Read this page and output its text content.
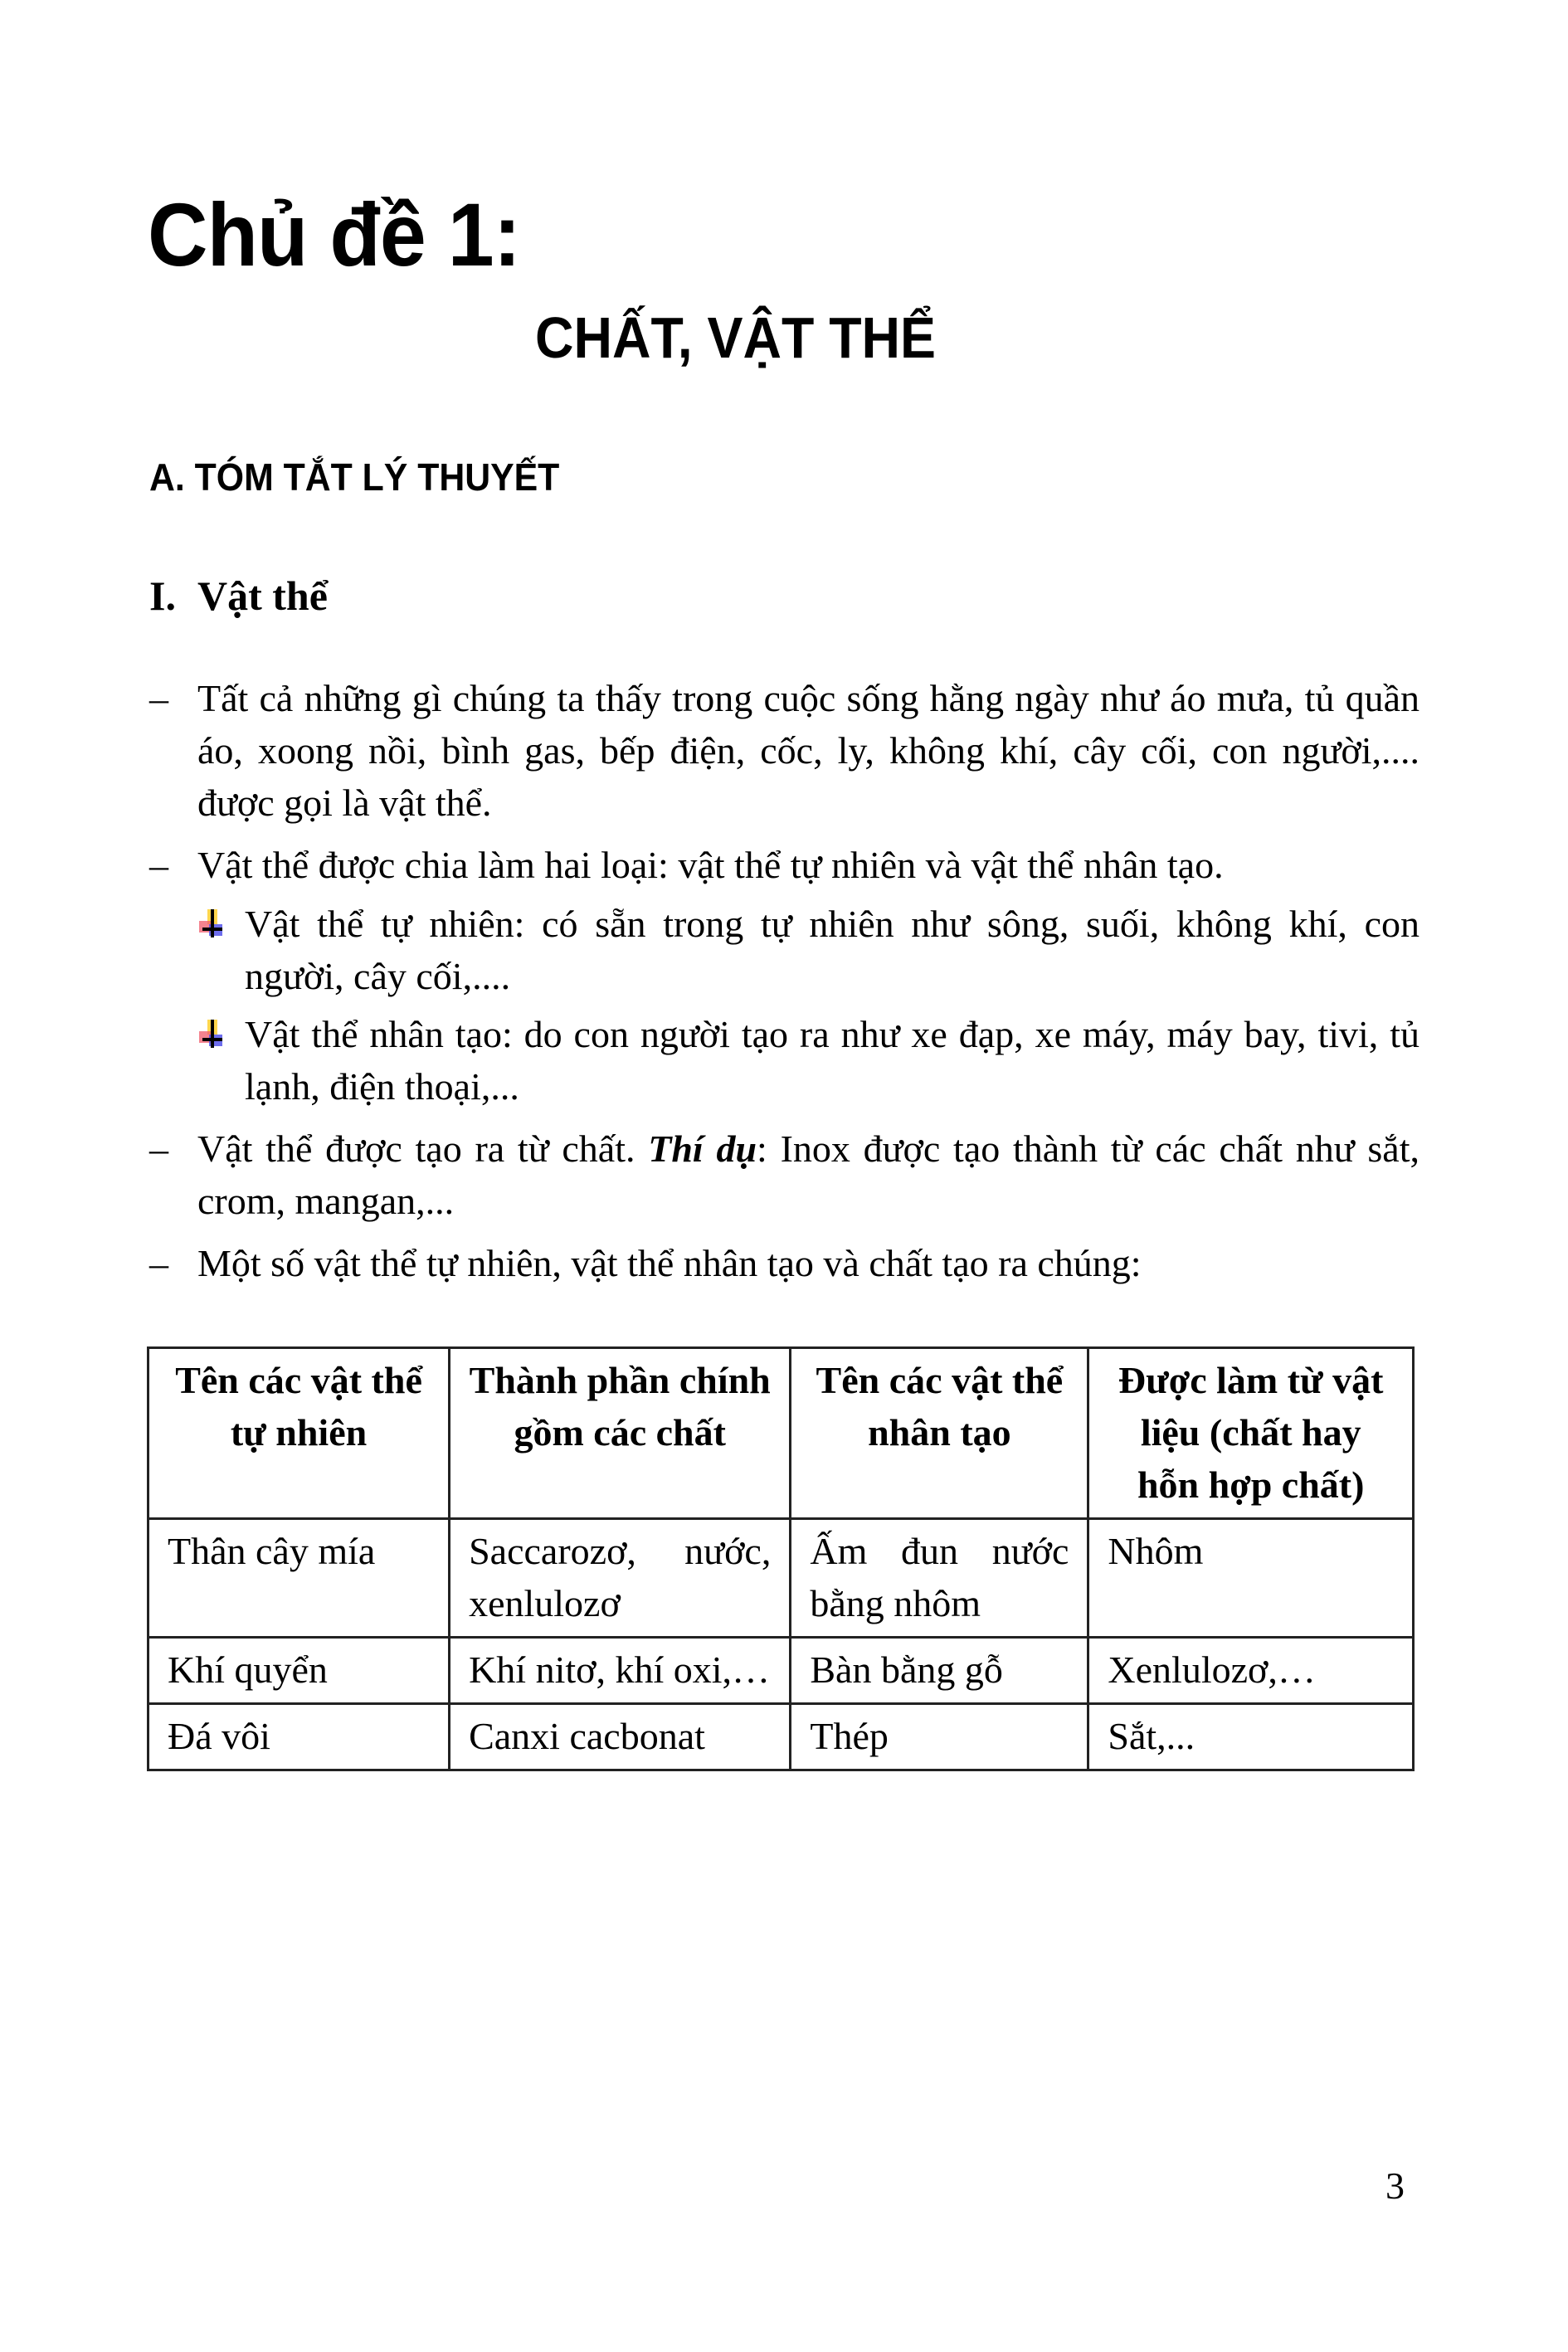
Chủ đề 1:
CHẤT, VẬT THỂ
A. TÓM TẮT LÝ THUYẾT
I. Vật thể
– Tất cả những gì chúng ta thấy trong cuộc sống hằng ngày như áo mưa, tủ quần áo, xoong nồi, bình gas, bếp điện, cốc, ly, không khí, cây cối, con người,.... được gọi là vật thể.
– Vật thể được chia làm hai loại: vật thể tự nhiên và vật thể nhân tạo.
Vật thể tự nhiên: có sẵn trong tự nhiên như sông, suối, không khí, con người, cây cối,....
Vật thể nhân tạo: do con người tạo ra như xe đạp, xe máy, máy bay, tivi, tủ lạnh, điện thoại,...
– Vật thể được tạo ra từ chất. Thí dụ: Inox được tạo thành từ các chất như sắt, crom, mangan,...
– Một số vật thể tự nhiên, vật thể nhân tạo và chất tạo ra chúng:
Tên các vật thể tự nhiên	Thành phần chính gồm các chất	Tên các vật thể nhân tạo	Được làm từ vật liệu (chất hay hỗn hợp chất)
Thân cây mía	Saccarozơ, nước, xenlulozơ	Ấm đun nước bằng nhôm	Nhôm
Khí quyển	Khí nitơ, khí oxi,…	Bàn bằng gỗ	Xenlulozơ,…
Đá vôi	Canxi cacbonat	Thép	Sắt,...
3
